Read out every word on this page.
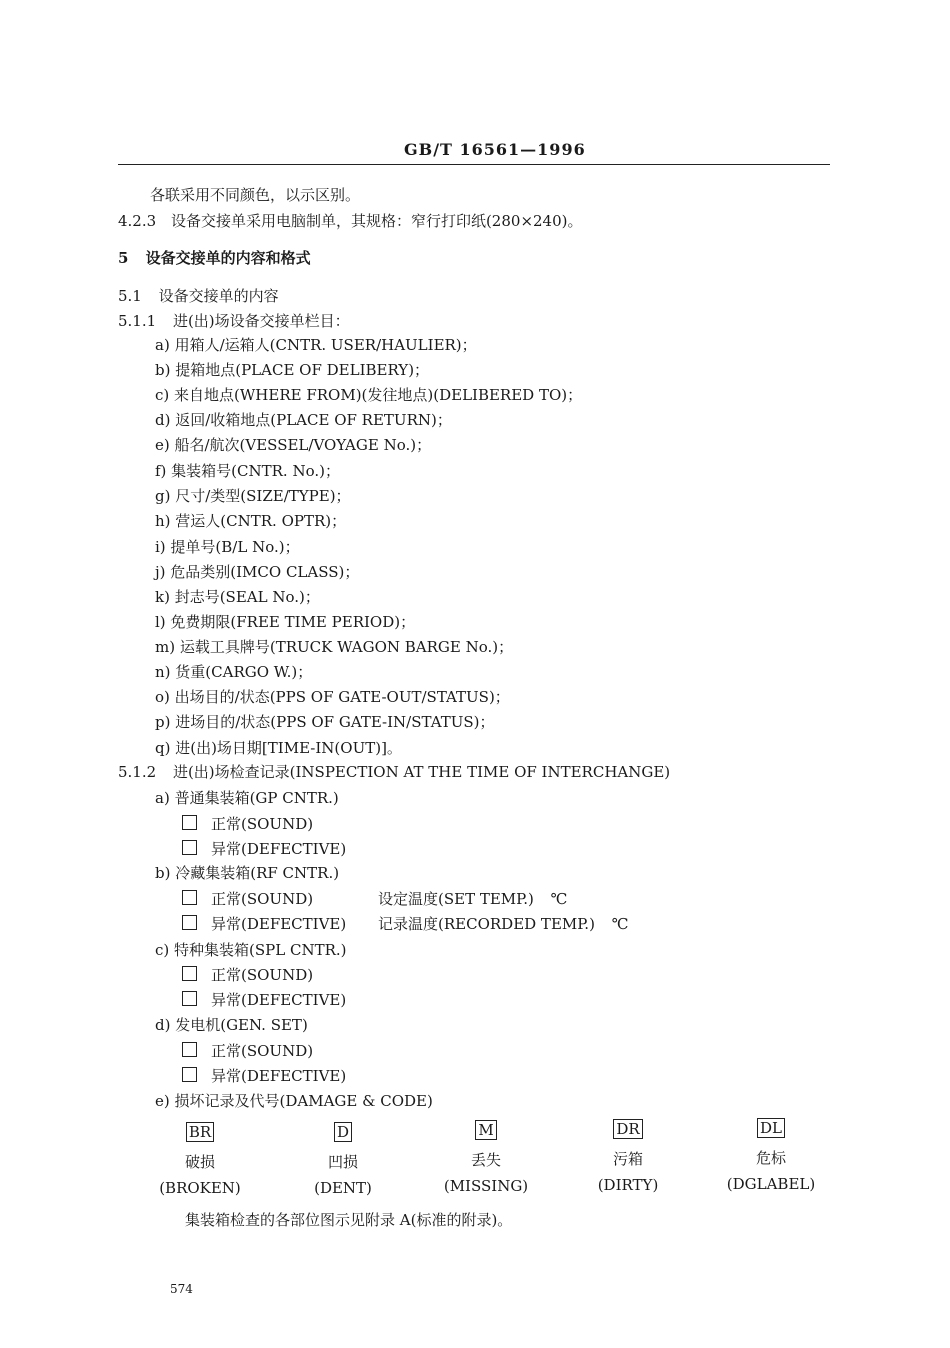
GB/T 16561—1996
各联采用不同颜色，以示区别。
4.2.3 设备交接单采用电脑制单，其规格：窄行打印纸(280×240)。
5 设备交接单的内容和格式
5.1 设备交接单的内容
5.1.1 进(出)场设备交接单栏目：
a) 用箱人/运箱人(CNTR. USER/HAULIER)；
b) 提箱地点(PLACE OF DELIBERY)；
c) 来自地点(WHERE FROM)(发往地点)(DELIBERED TO)；
d) 返回/收箱地点(PLACE OF RETURN)；
e) 船名/航次(VESSEL/VOYAGE No.)；
f) 集装箱号(CNTR. No.)；
g) 尺寸/类型(SIZE/TYPE)；
h) 营运人(CNTR. OPTR)；
i) 提单号(B/L No.)；
j) 危品类别(IMCO CLASS)；
k) 封志号(SEAL No.)；
l) 免费期限(FREE TIME PERIOD)；
m) 运载工具牌号(TRUCK WAGON BARGE No.)；
n) 货重(CARGO W.)；
o) 出场目的/状态(PPS OF GATE-OUT/STATUS)；
p) 进场目的/状态(PPS OF GATE-IN/STATUS)；
q) 进(出)场日期[TIME-IN(OUT)]。
5.1.2 进(出)场检查记录(INSPECTION AT THE TIME OF INTERCHANGE)
a) 普通集装箱(GP CNTR.)
正常(SOUND)
异常(DEFECTIVE)
b) 冷藏集装箱(RF CNTR.)
正常(SOUND)	设定温度(SET TEMP.) ℃
异常(DEFECTIVE) 记录温度(RECORDED TEMP.) ℃
c) 特种集装箱(SPL CNTR.)
正常(SOUND)
异常(DEFECTIVE)
d) 发电机(GEN. SET)
正常(SOUND)
异常(DEFECTIVE)
e) 损坏记录及代号(DAMAGE & CODE)
BR
破损
(BROKEN)
D
凹损
(DENT)
M
丢失
(MISSING)
DR
污箱
(DIRTY)
DL
危标
(DGLABEL)
集装箱检查的各部位图示见附录 A(标准的附录)。
574
